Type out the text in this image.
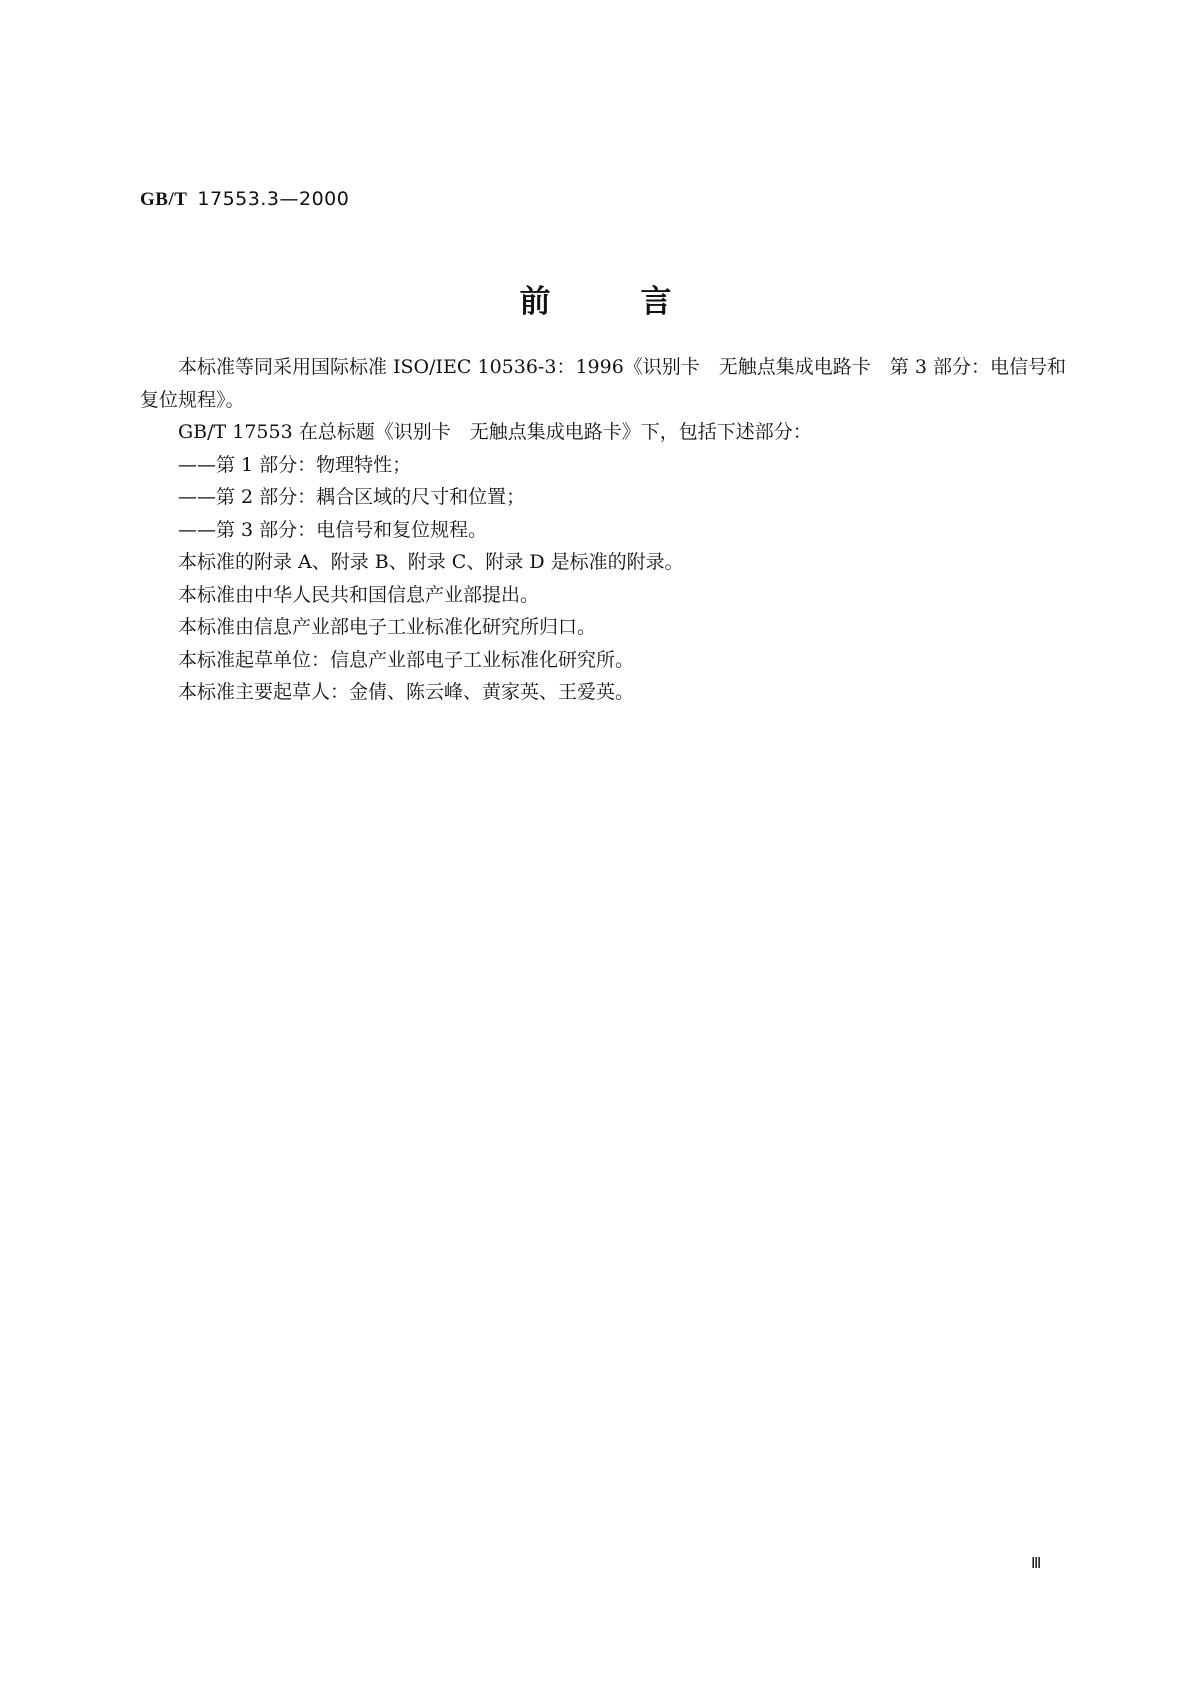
GB/T 17553.3—2000
前	言

本标准等同采用国际标准 ISO/IEC 10536-3：1996《识别卡　无触点集成电路卡　第 3 部分：电信号和复位规程》。

GB/T 17553 在总标题《识别卡　无触点集成电路卡》下，包括下述部分：

——第 1 部分：物理特性；

——第 2 部分：耦合区域的尺寸和位置；

——第 3 部分：电信号和复位规程。

本标准的附录 A、附录 B、附录 C、附录 D 是标准的附录。

本标准由中华人民共和国信息产业部提出。

本标准由信息产业部电子工业标准化研究所归口。

本标准起草单位：信息产业部电子工业标准化研究所。

本标准主要起草人：金倩、陈云峰、黄家英、王爱英。

Ⅲ
